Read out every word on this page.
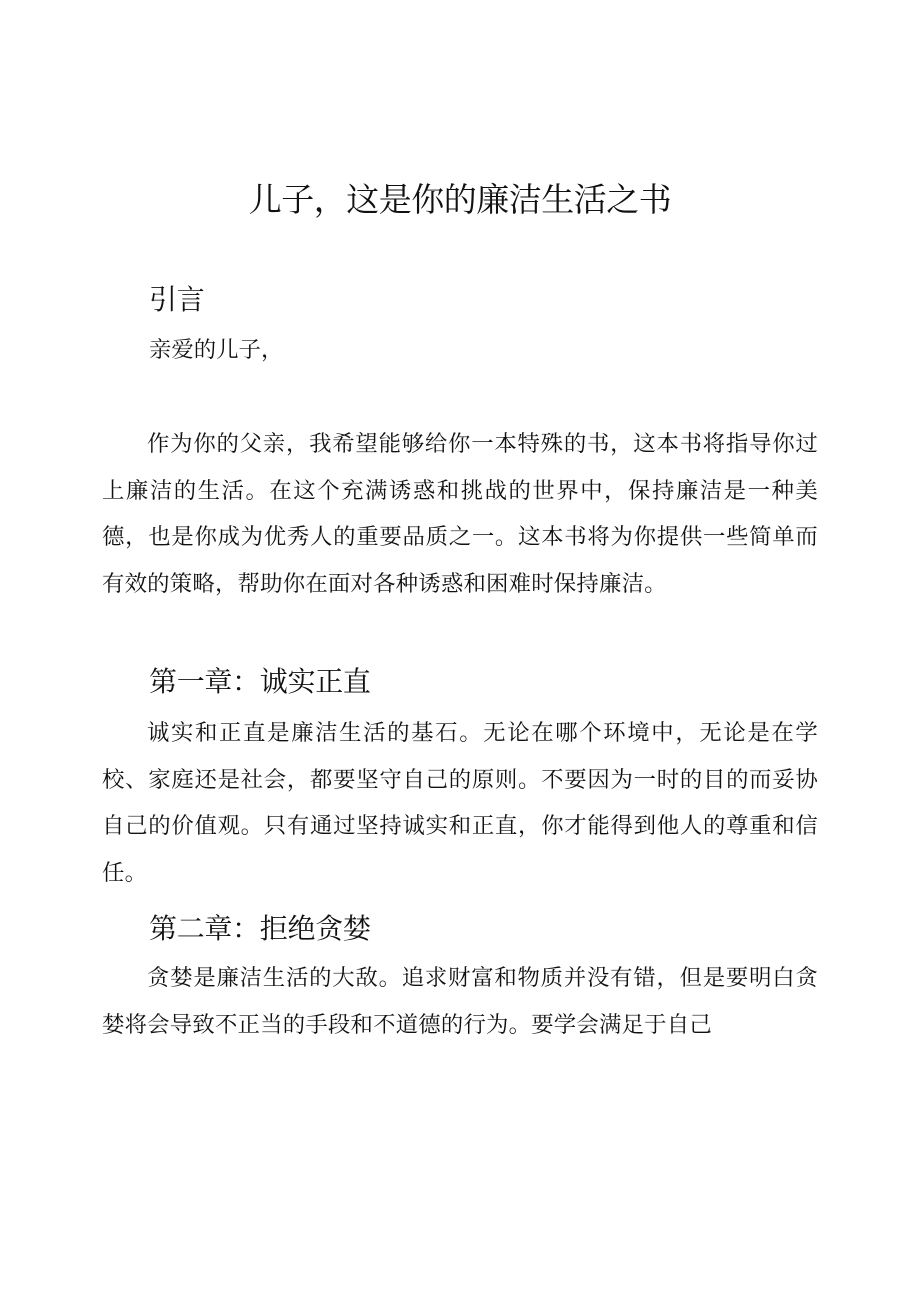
儿子，这是你的廉洁生活之书
引言

亲爱的儿子，

作为你的父亲，我希望能够给你一本特殊的书，这本书将指导你过上廉洁的生活。在这个充满诱惑和挑战的世界中，保持廉洁是一种美德，也是你成为优秀人的重要品质之一。这本书将为你提供一些简单而有效的策略，帮助你在面对各种诱惑和困难时保持廉洁。

第一章：诚实正直

诚实和正直是廉洁生活的基石。无论在哪个环境中，无论是在学校、家庭还是社会，都要坚守自己的原则。不要因为一时的目的而妥协自己的价值观。只有通过坚持诚实和正直，你才能得到他人的尊重和信任。

第二章：拒绝贪婪

贪婪是廉洁生活的大敌。追求财富和物质并没有错，但是要明白贪婪将会导致不正当的手段和不道德的行为。要学会满足于自己
